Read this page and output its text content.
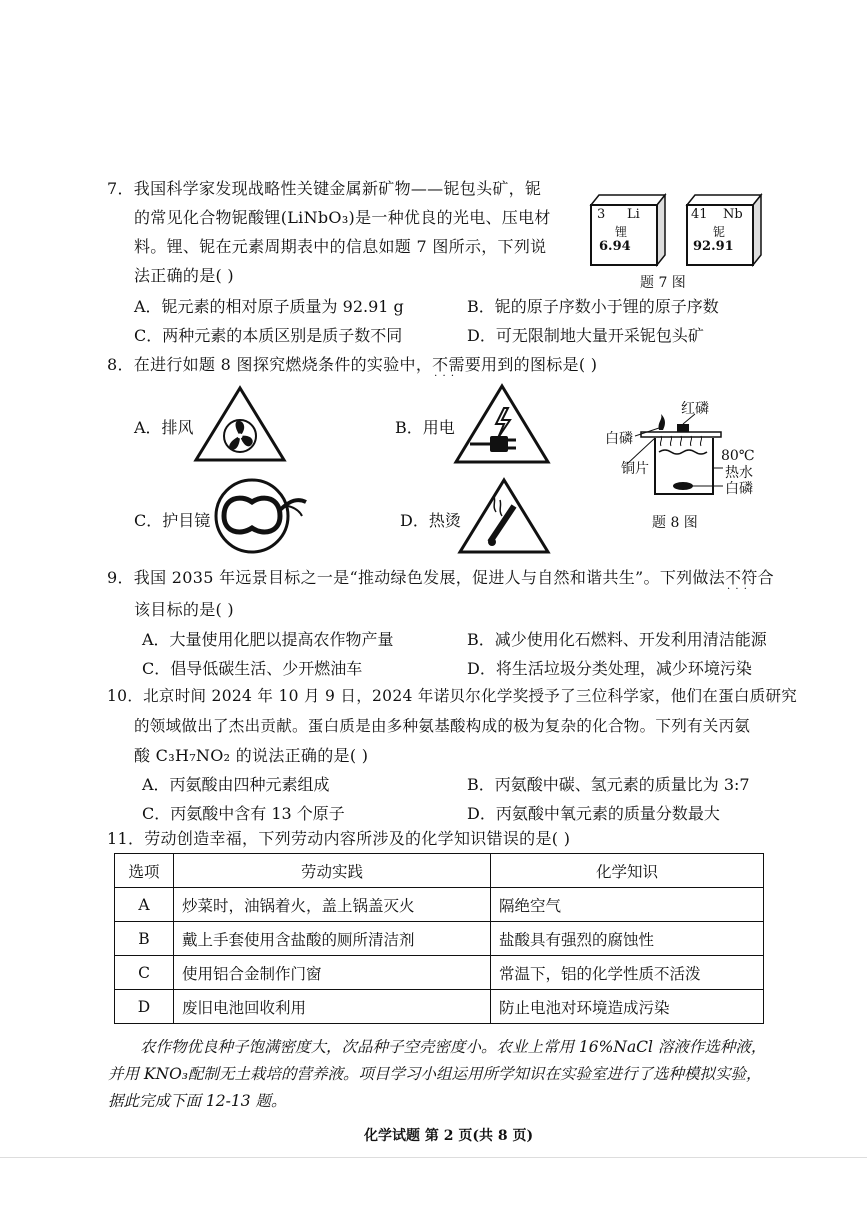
7．我国科学家发现战略性关键金属新矿物——铌包头矿，铌
的常见化合物铌酸锂(LiNbO₃)是一种优良的光电、压电材
料。锂、铌在元素周期表中的信息如题 7 图所示，下列说
法正确的是( )
3 Li
锂
6.94
41 Nb
铌
92.91
题 7 图
A．铌元素的相对原子质量为 92.91 g	B．铌的原子序数小于锂的原子序数
C．两种元素的本质区别是质子数不同	D．可无限制地大量开采铌包头矿
8．在进行如题 8 图探究燃烧条件的实验中，不需要 · · ·用到的图标是( )
A．排风	B．用电
C．护目镜	D．热烫
红磷
白磷
80℃
铜片	热水
白磷
题 8 图
9．我国 2035 年远景目标之一是“推动绿色发展，促进人与自然和谐共生”。下列做法不符合 · · ·
该目标的是( )
A．大量使用化肥以提高农作物产量	B．减少使用化石燃料、开发利用清洁能源
C．倡导低碳生活、少开燃油车	D．将生活垃圾分类处理，减少环境污染
10．北京时间 2024 年 10 月 9 日，2024 年诺贝尔化学奖授予了三位科学家，他们在蛋白质研究
的领域做出了杰出贡献。蛋白质是由多种氨基酸构成的极为复杂的化合物。下列有关丙氨
酸 C₃H₇NO₂ 的说法正确的是( )
A．丙氨酸由四种元素组成	B．丙氨酸中碳、氢元素的质量比为 3:7
C．丙氨酸中含有 13 个原子	D．丙氨酸中氧元素的质量分数最大
11．劳动创造幸福，下列劳动内容所涉及的化学知识错误的是( )
选项	劳动实践	化学知识
A	炒菜时，油锅着火，盖上锅盖灭火	隔绝空气
B	戴上手套使用含盐酸的厕所清洁剂	盐酸具有强烈的腐蚀性
C	使用铝合金制作门窗	常温下，铝的化学性质不活泼
D	废旧电池回收利用	防止电池对环境造成污染
农作物优良种子饱满密度大，次品种子空壳密度小。农业上常用 16%NaCl 溶液作选种液，
并用 KNO₃配制无土栽培的营养液。项目学习小组运用所学知识在实验室进行了选种模拟实验，
据此完成下面 12-13 题。
化学试题 第 2 页(共 8 页)
